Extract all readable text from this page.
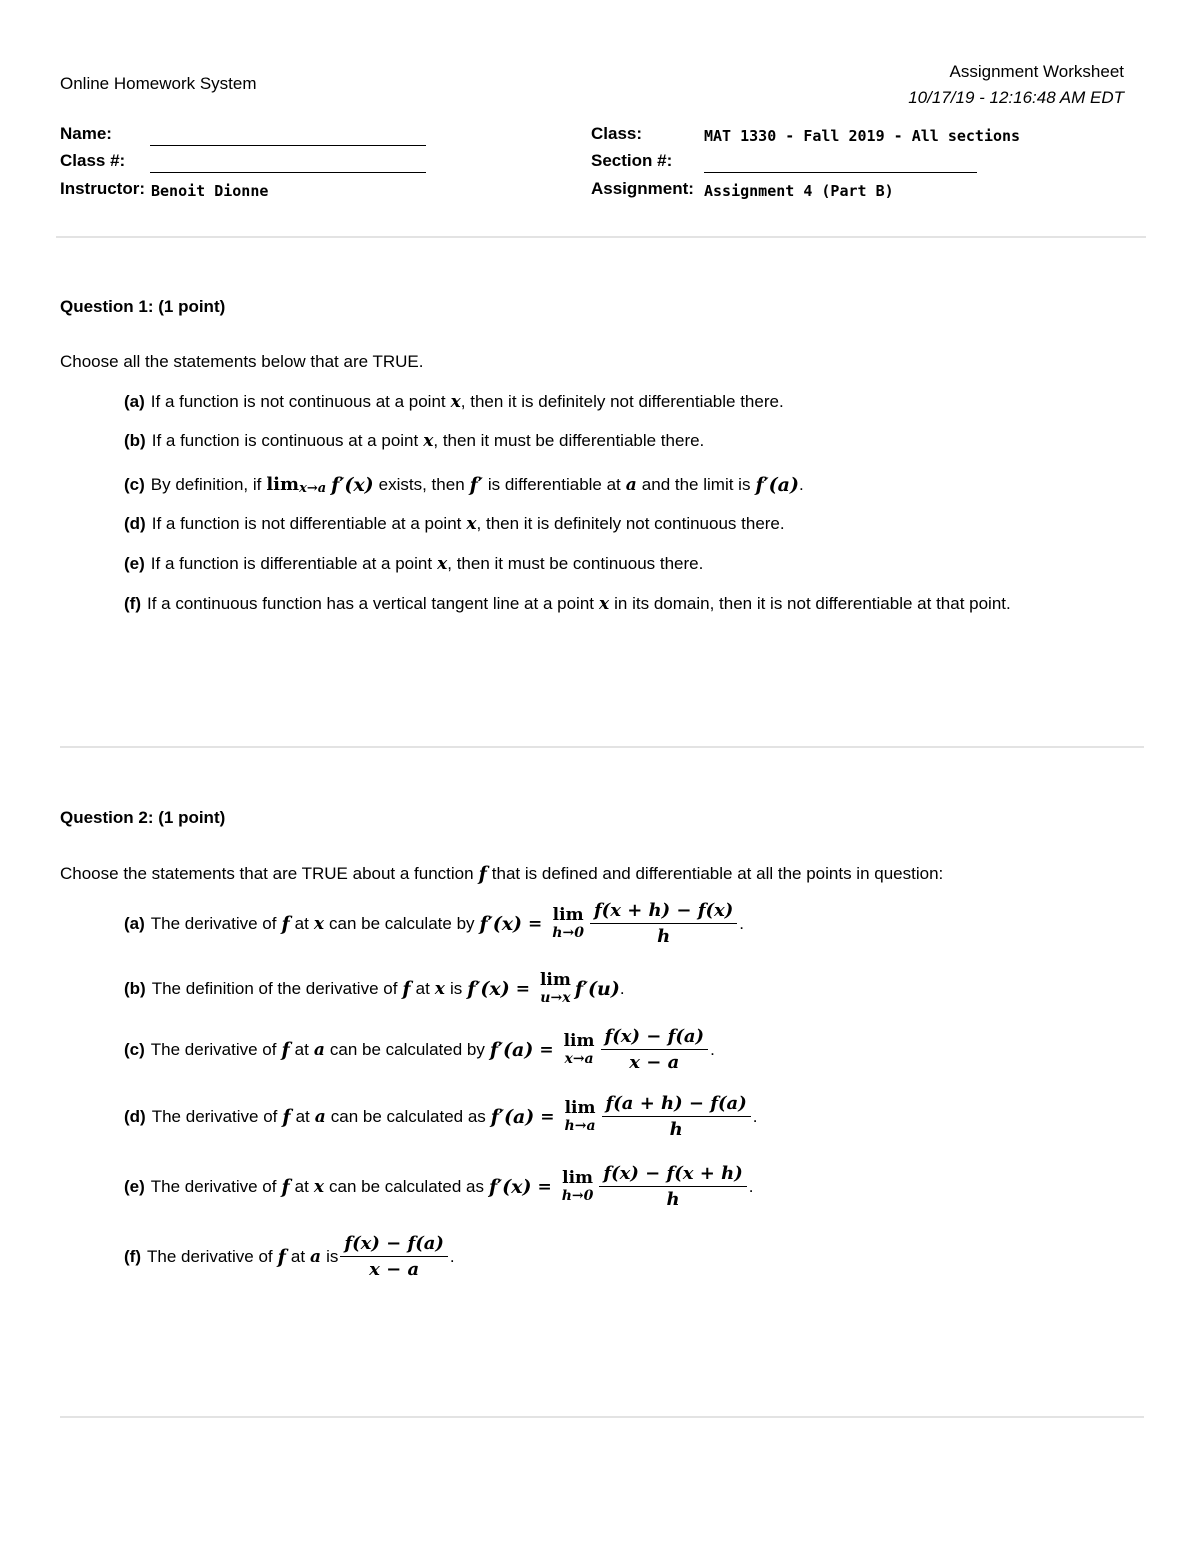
Online Homework System
Assignment Worksheet
10/17/19 - 12:16:48 AM EDT
Name:
Class #:
Instructor: Benoit Dionne
Class:	MAT 1330 - Fall 2019 - All sections
Section #:
Assignment: Assignment 4 (Part B)
Question 1: (1 point)
Choose all the statements below that are TRUE.
(a) If a function is not continuous at a point x , then it is definitely not differentiable there.
(b) If a function is continuous at a point x , then it must be differentiable there.
(c) By definition, if lim x→a f′(x) exists, then f′ is differentiable at a and the limit is f′(a) .
(d) If a function is not differentiable at a point x , then it is definitely not continuous there.
(e) If a function is differentiable at a point x , then it must be continuous there.
(f) If a continuous function has a vertical tangent line at a point x in its domain, then it is not differentiable at that point.
Question 2: (1 point)
Choose the statements that are TRUE about a function f that is defined and differentiable at all the points in question:
(a) The derivative of f at x can be calculate by f′(x) = lim
$h\to 0 \frac{f(x + h) - f(x)}{h}$ .
(b) The definition of the derivative of f at x is f′(x) = lim
u→x f′(u) .
(c) The derivative of f at a can be calculated by f′(a) = lim
$x\to a \frac{f(x) - f(a)}{x - a}$ .
(d) The derivative of f at a can be calculated as f′(a) = lim
$h\to a \frac{f(a + h) - f(a)}{h}$ .
(e) The derivative of f at x can be calculated as f′(x) = lim
$h\to 0 \frac{f(x) - f(x + h)}{h}$ .
(f) The derivative of f at a is $\frac{f(x) - f(a)}{x - a}$ .
